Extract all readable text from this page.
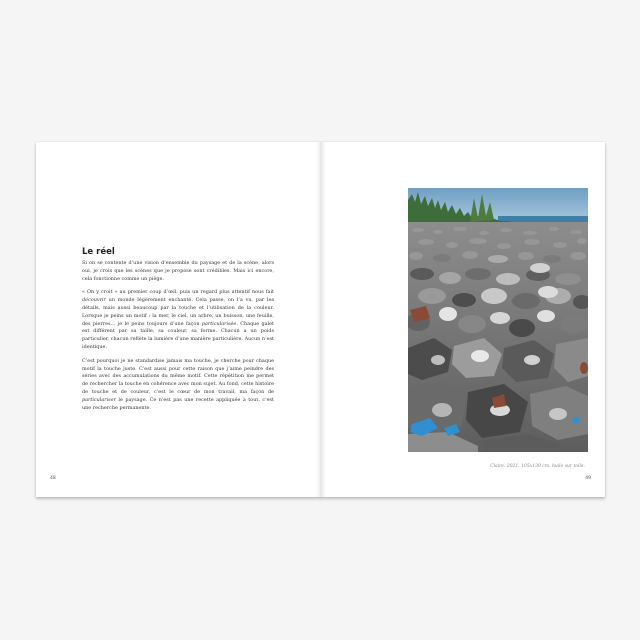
Le réel

Si on se contente d’une vision d’ensemble du paysage et de la scène, alors oui, je crois que les scènes que je propose sont crédibles. Mais ici encore, cela fonctionne comme un piège.

« On y croit » au premier coup d’œil, puis un regard plus attentif nous fait découvrir un monde légèrement enchanté. Cela passe, on l’a vu, par les détails, mais aussi beaucoup par la touche et l’utilisation de la couleur. Lorsque je peins un motif : la mer, le ciel, un arbre, un buisson, une feuille, des pierres… je le peins toujours d’une façon particularisée. Chaque galet est différent par sa taille, sa couleur, sa forme. Chacun a un poids particulier, chacun reflète la lumière d’une manière particulière. Aucun n’est identique.

C’est pourquoi je ne standardise jamais ma touche, je cherche pour chaque motif la touche juste. C’est aussi pour cette raison que j’aime peindre des séries avec des accumulations du même motif. Cette répétition me permet de rechercher la touche en cohérence avec mon sujet. Au fond, cette histoire de touche et de couleur, c’est le cœur de mon travail, ma façon de particulariser le paysage. Ce n’est pas une recette appliquée à tout, c’est une recherche permanente.

48
Claire. 2021. 105x130 cm. huile sur toile.
49
